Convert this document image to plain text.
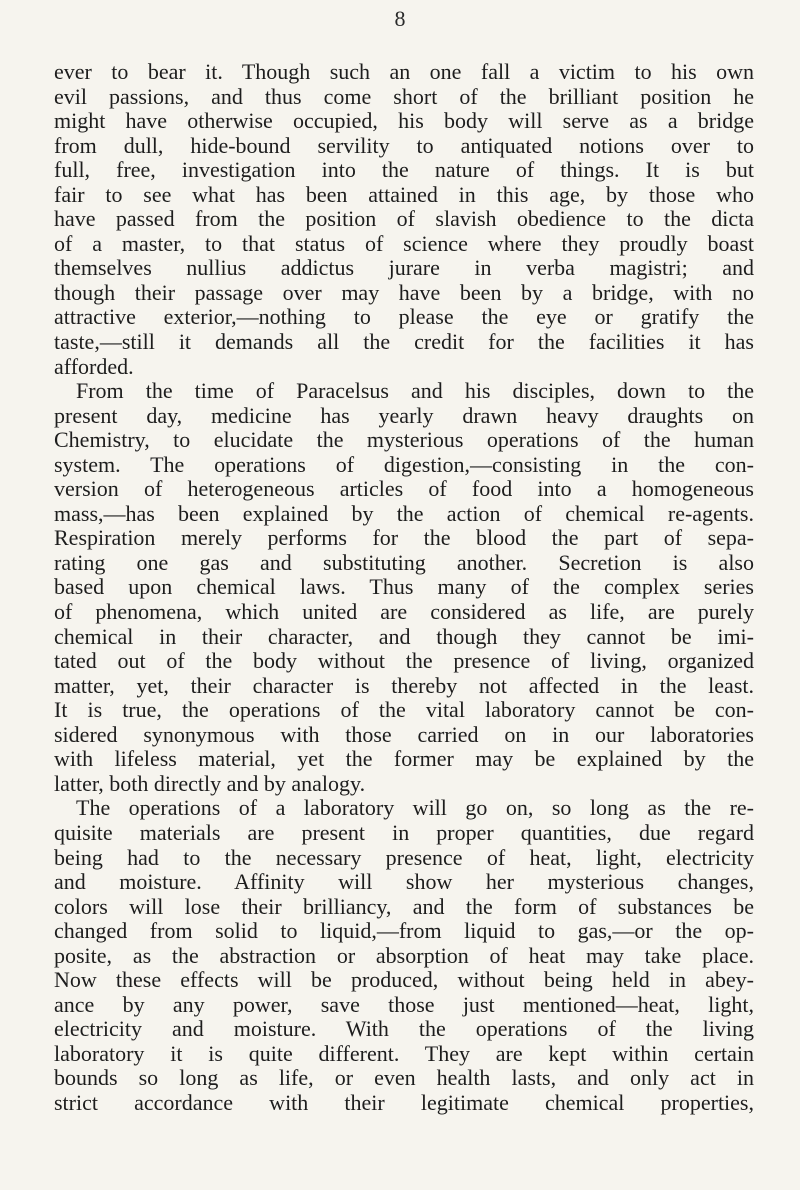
8
ever to bear it. Though such an one fall a victim to his own
evil passions, and thus come short of the brilliant position he
might have otherwise occupied, his body will serve as a bridge
from dull, hide-bound servility to antiquated notions over to
full, free, investigation into the nature of things. It is but
fair to see what has been attained in this age, by those who
have passed from the position of slavish obedience to the dicta
of a master, to that status of science where they proudly boast
themselves nullius addictus jurare in verba magistri; and
though their passage over may have been by a bridge, with no
attractive exterior,—nothing to please the eye or gratify the
taste,—still it demands all the credit for the facilities it has
afforded.
From the time of Paracelsus and his disciples, down to the
present day, medicine has yearly drawn heavy draughts on
Chemistry, to elucidate the mysterious operations of the human
system. The operations of digestion,—consisting in the con-
version of heterogeneous articles of food into a homogeneous
mass,—has been explained by the action of chemical re-agents.
Respiration merely performs for the blood the part of sepa-
rating one gas and substituting another. Secretion is also
based upon chemical laws. Thus many of the complex series
of phenomena, which united are considered as life, are purely
chemical in their character, and though they cannot be imi-
tated out of the body without the presence of living, organized
matter, yet, their character is thereby not affected in the least.
It is true, the operations of the vital laboratory cannot be con-
sidered synonymous with those carried on in our laboratories
with lifeless material, yet the former may be explained by the
latter, both directly and by analogy.
The operations of a laboratory will go on, so long as the re-
quisite materials are present in proper quantities, due regard
being had to the necessary presence of heat, light, electricity
and moisture. Affinity will show her mysterious changes,
colors will lose their brilliancy, and the form of substances be
changed from solid to liquid,—from liquid to gas,—or the op-
posite, as the abstraction or absorption of heat may take place.
Now these effects will be produced, without being held in abey-
ance by any power, save those just mentioned—heat, light,
electricity and moisture. With the operations of the living
laboratory it is quite different. They are kept within certain
bounds so long as life, or even health lasts, and only act in
strict accordance with their legitimate chemical properties,
